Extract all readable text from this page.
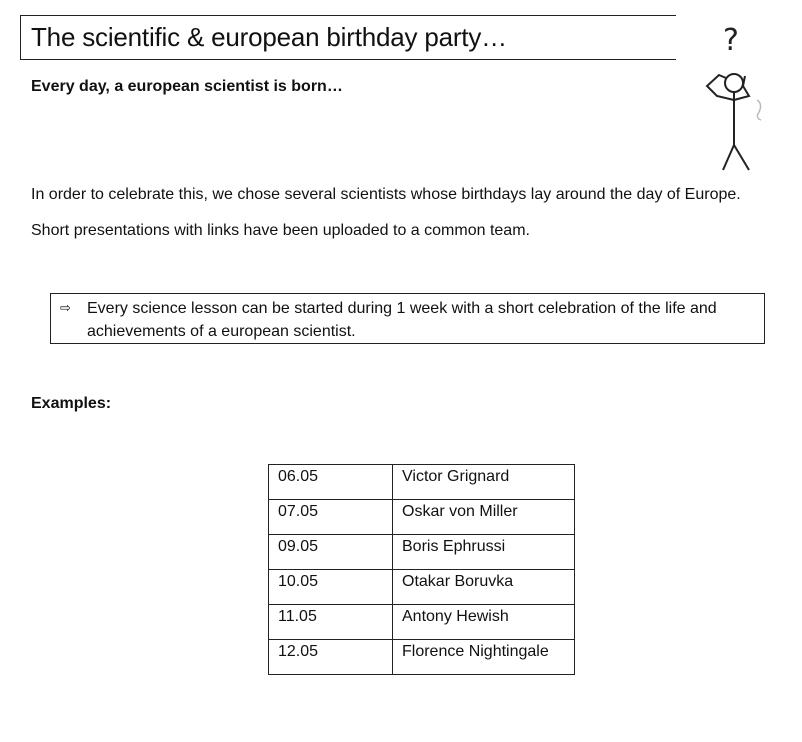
The scientific & european birthday party…
Every day, a european scientist is born…
?
In order to celebrate this, we chose several scientists whose birthdays lay around the day of Europe.
Short presentations with links have been uploaded to a common team.
⇨ Every science lesson can be started during 1 week with a short celebration of the life and achievements of a european scientist.
Examples:
06.05	Victor Grignard
07.05	Oskar von Miller
09.05	Boris Ephrussi
10.05	Otakar Boruvka
11.05	Antony Hewish
12.05	Florence Nightingale
